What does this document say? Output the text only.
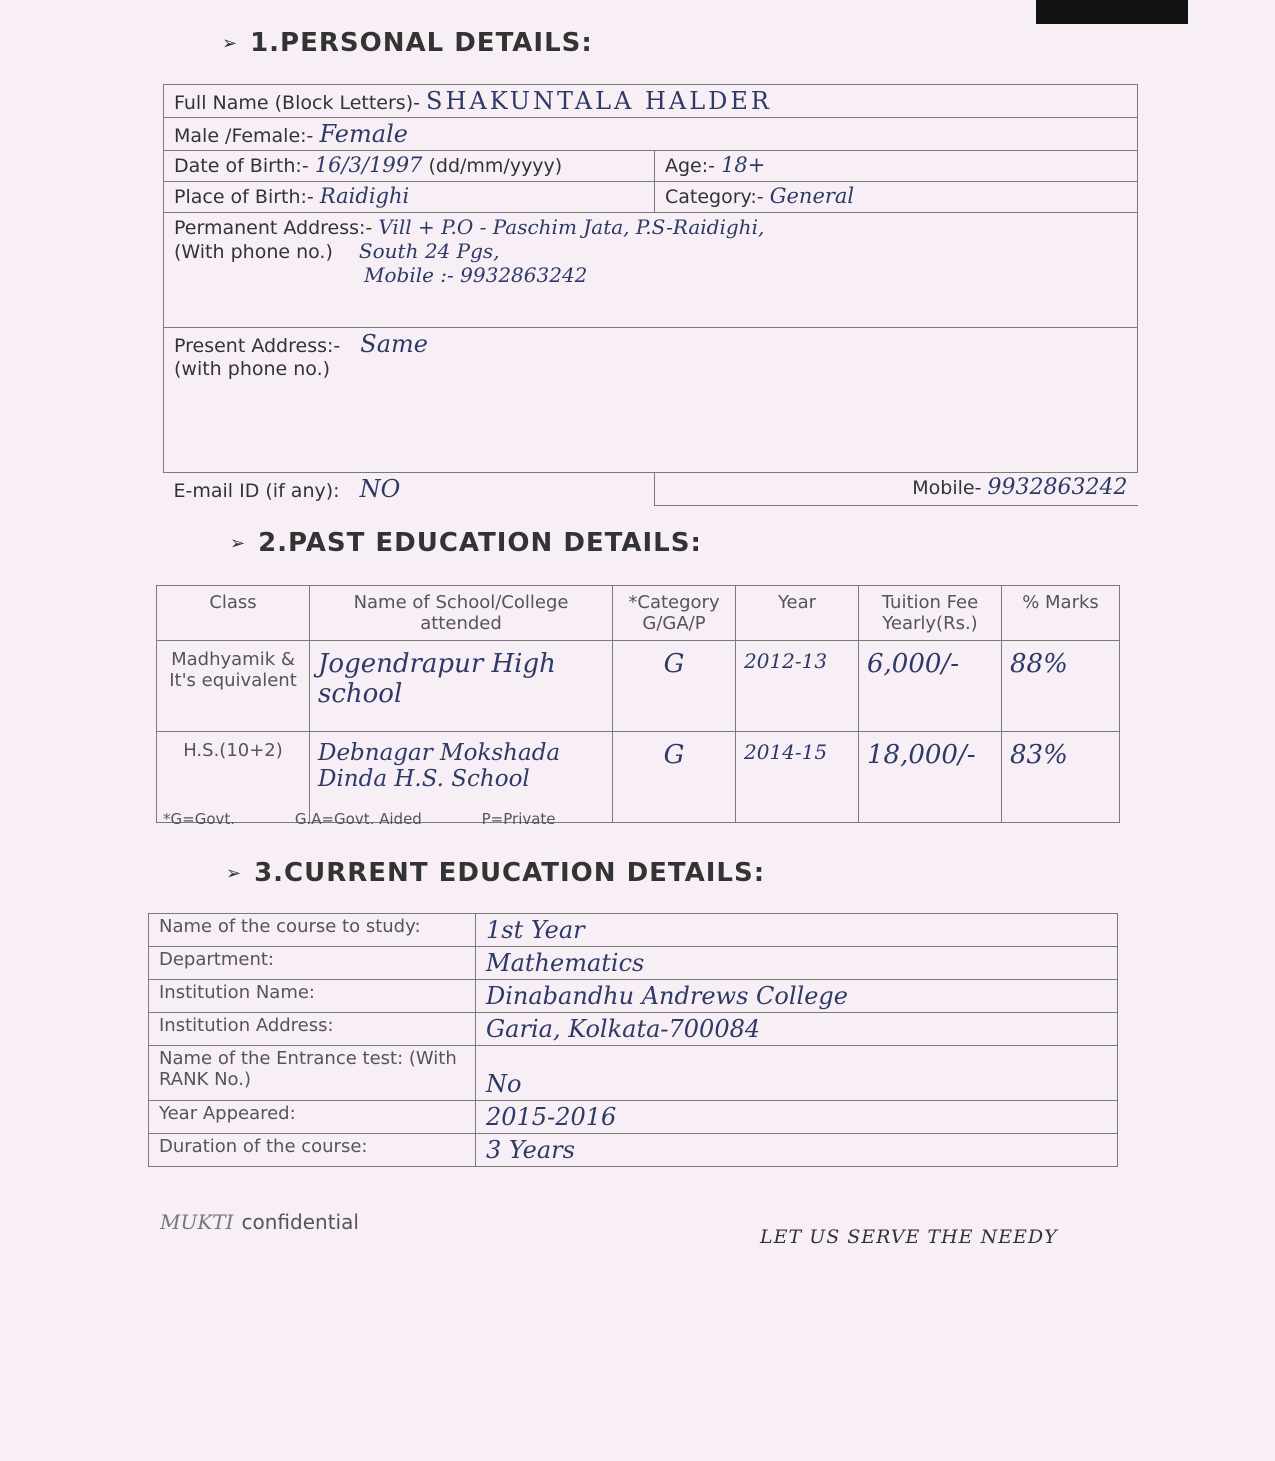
➢ 1.PERSONAL DETAILS:
Full Name (Block Letters)- SHAKUNTALA HALDER	
Male /Female:- Female	
Date of Birth:- 16/3/1997 (dd/mm/yyyy)	Age:- 18+
Place of Birth:- Raidighi	Category:- General

Permanent Address:- Vill + P.O - Paschim Jata, P.S-Raidighi,
(With phone no.) South 24 Pgs,
Mobile :- 9932863242	

Present Address:- Same
(with phone no.)	

E-mail ID (if any): NO	Mobile- 9932863242
➢ 2.PAST EDUCATION DETAILS:
Class	Name of School/College attended	*Category G/GA/P	Year	Tuition Fee Yearly(Rs.)	% Marks
Madhyamik & It's equivalent	Jogendrapur High school	G	2012-13	6,000/-	88%
H.S.(10+2)	Debnagar Mokshada Dinda H.S. School	G	2014-15	18,000/-	83%
*G=Govt.	G.A=Govt. Aided	P=Private
➢ 3.CURRENT EDUCATION DETAILS:
Name of the course to study:	1st Year
Department:	Mathematics
Institution Name:	Dinabandhu Andrews College
Institution Address:	Garia, Kolkata-700084
Name of the Entrance test: (With RANK No.)	No
Year Appeared:	2015-2016
Duration of the course:	3 Years
MUKTI confidential
LET US SERVE THE NEEDY
